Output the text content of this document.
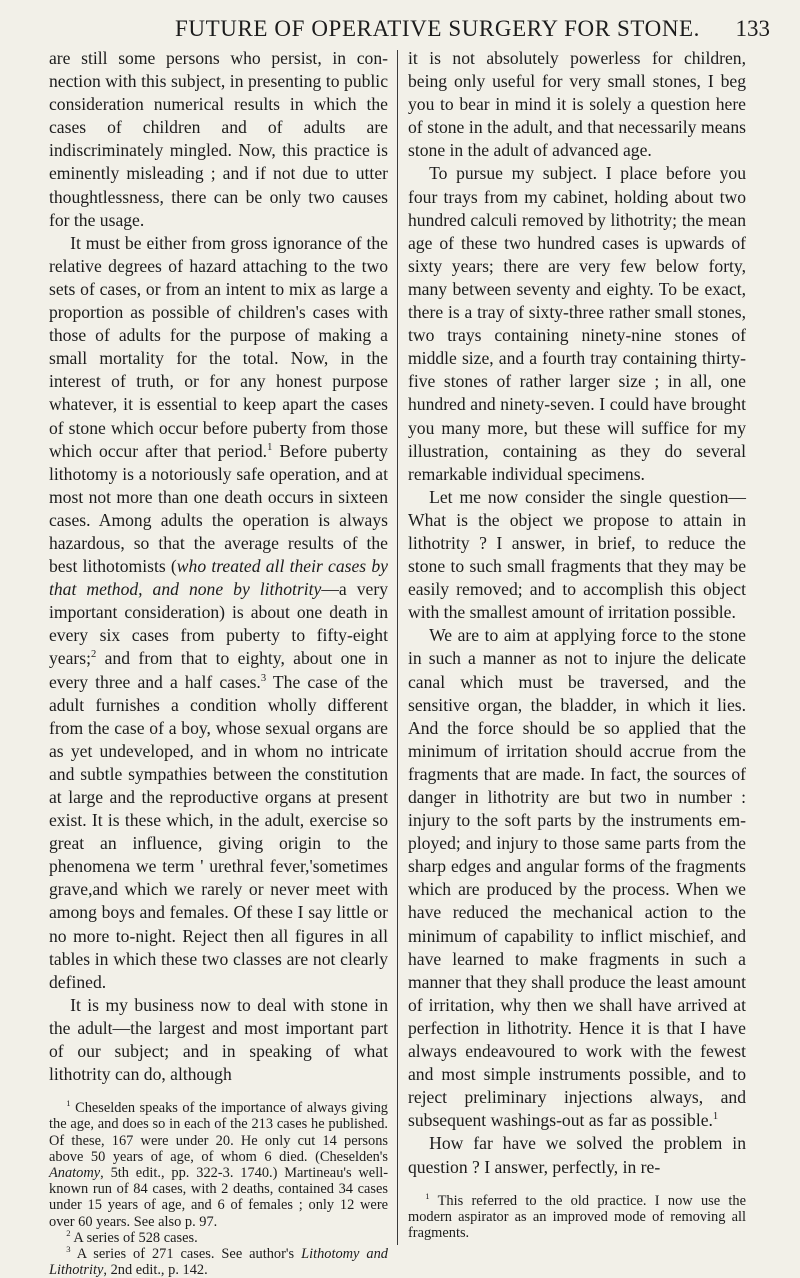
FUTURE OF OPERATIVE SURGERY FOR STONE. 133

are still some persons who persist, in connection with this subject, in presenting to public consideration numerical results in which the cases of children and of adults are indiscriminately mingled. Now, this practice is eminently misleading ; and if not due to utter thoughtlessness, there can be only two causes for the usage.

It must be either from gross ignorance of the relative degrees of hazard attaching to the two sets of cases, or from an intent to mix as large a proportion as possible of children's cases with those of adults for the purpose of making a small mortality for the total. Now, in the interest of truth, or for any honest purpose whatever, it is essential to keep apart the cases of stone which occur before puberty from those which occur after that period.$^1$ Before puberty lithotomy is a notoriously safe operation, and at most not more than one death occurs in sixteen cases. Among adults the operation is always hazardous, so that the average results of the best lithotomists (who treated all their cases by that method, and none by lithotrity—a very important consideration) is about one death in every six cases from puberty to fifty-eight years;$^2$ and from that to eighty, about one in every three and a half cases.$^3$ The case of the adult furnishes a condition wholly different from the case of a boy, whose sexual organs are as yet undeveloped, and in whom no intricate and subtle sympathies between the constitution at large and the reproductive organs at present exist. It is these which, in the adult, exercise so great an influence, giving origin to the phenomena we term ' urethral fever,'sometimes grave,and which we rarely or never meet with among boys and females. Of these I say little or no more to-night. Reject then all figures in all tables in which these two classes are not clearly defined.

It is my business now to deal with stone in the adult—the largest and most important part of our subject; and in speaking of what lithotrity can do, although

$^1$ Cheselden speaks of the importance of always giving the age, and does so in each of the 213 cases he published. Of these, 167 were under 20. He only cut 14 persons above 50 years of age, of whom 6 died. (Cheselden's Anatomy, 5th edit., pp. 322-3. 1740.) Martineau's well-known run of 84 cases, with 2 deaths, contained 34 cases under 15 years of age, and 6 of females ; only 12 were over 60 years. See also p. 97.

$^2$ A series of 528 cases.

$^3$ A series of 271 cases. See author's Lithotomy and Lithotrity, 2nd edit., p. 142.

it is not absolutely powerless for children, being only useful for very small stones, I beg you to bear in mind it is solely a question here of stone in the adult, and that necessarily means stone in the adult of advanced age.

To pursue my subject. I place before you four trays from my cabinet, holding about two hundred calculi removed by lithotrity; the mean age of these two hundred cases is upwards of sixty years; there are very few below forty, many between seventy and eighty. To be exact, there is a tray of sixty-three rather small stones, two trays containing ninety-nine stones of middle size, and a fourth tray containing thirty-five stones of rather larger size ; in all, one hundred and ninety-seven. I could have brought you many more, but these will suffice for my illustration, containing as they do several remarkable individual specimens.

Let me now consider the single question—What is the object we propose to attain in lithotrity ? I answer, in brief, to reduce the stone to such small fragments that they may be easily removed; and to accomplish this object with the smallest amount of irritation possible.

We are to aim at applying force to the stone in such a manner as not to injure the delicate canal which must be traversed, and the sensitive organ, the bladder, in which it lies. And the force should be so applied that the minimum of irritation should accrue from the fragments that are made. In fact, the sources of danger in lithotrity are but two in number : injury to the soft parts by the instruments employed; and injury to those same parts from the sharp edges and angular forms of the fragments which are produced by the process. When we have reduced the mechanical action to the minimum of capability to inflict mischief, and have learned to make fragments in such a manner that they shall produce the least amount of irritation, why then we shall have arrived at perfection in lithotrity. Hence it is that I have always endeavoured to work with the fewest and most simple instruments possible, and to reject preliminary injections always, and subsequent washings-out as far as possible.$^1$

How far have we solved the problem in question ? I answer, perfectly, in re-

$^1$ This referred to the old practice. I now use the modern aspirator as an improved mode of removing all fragments.
